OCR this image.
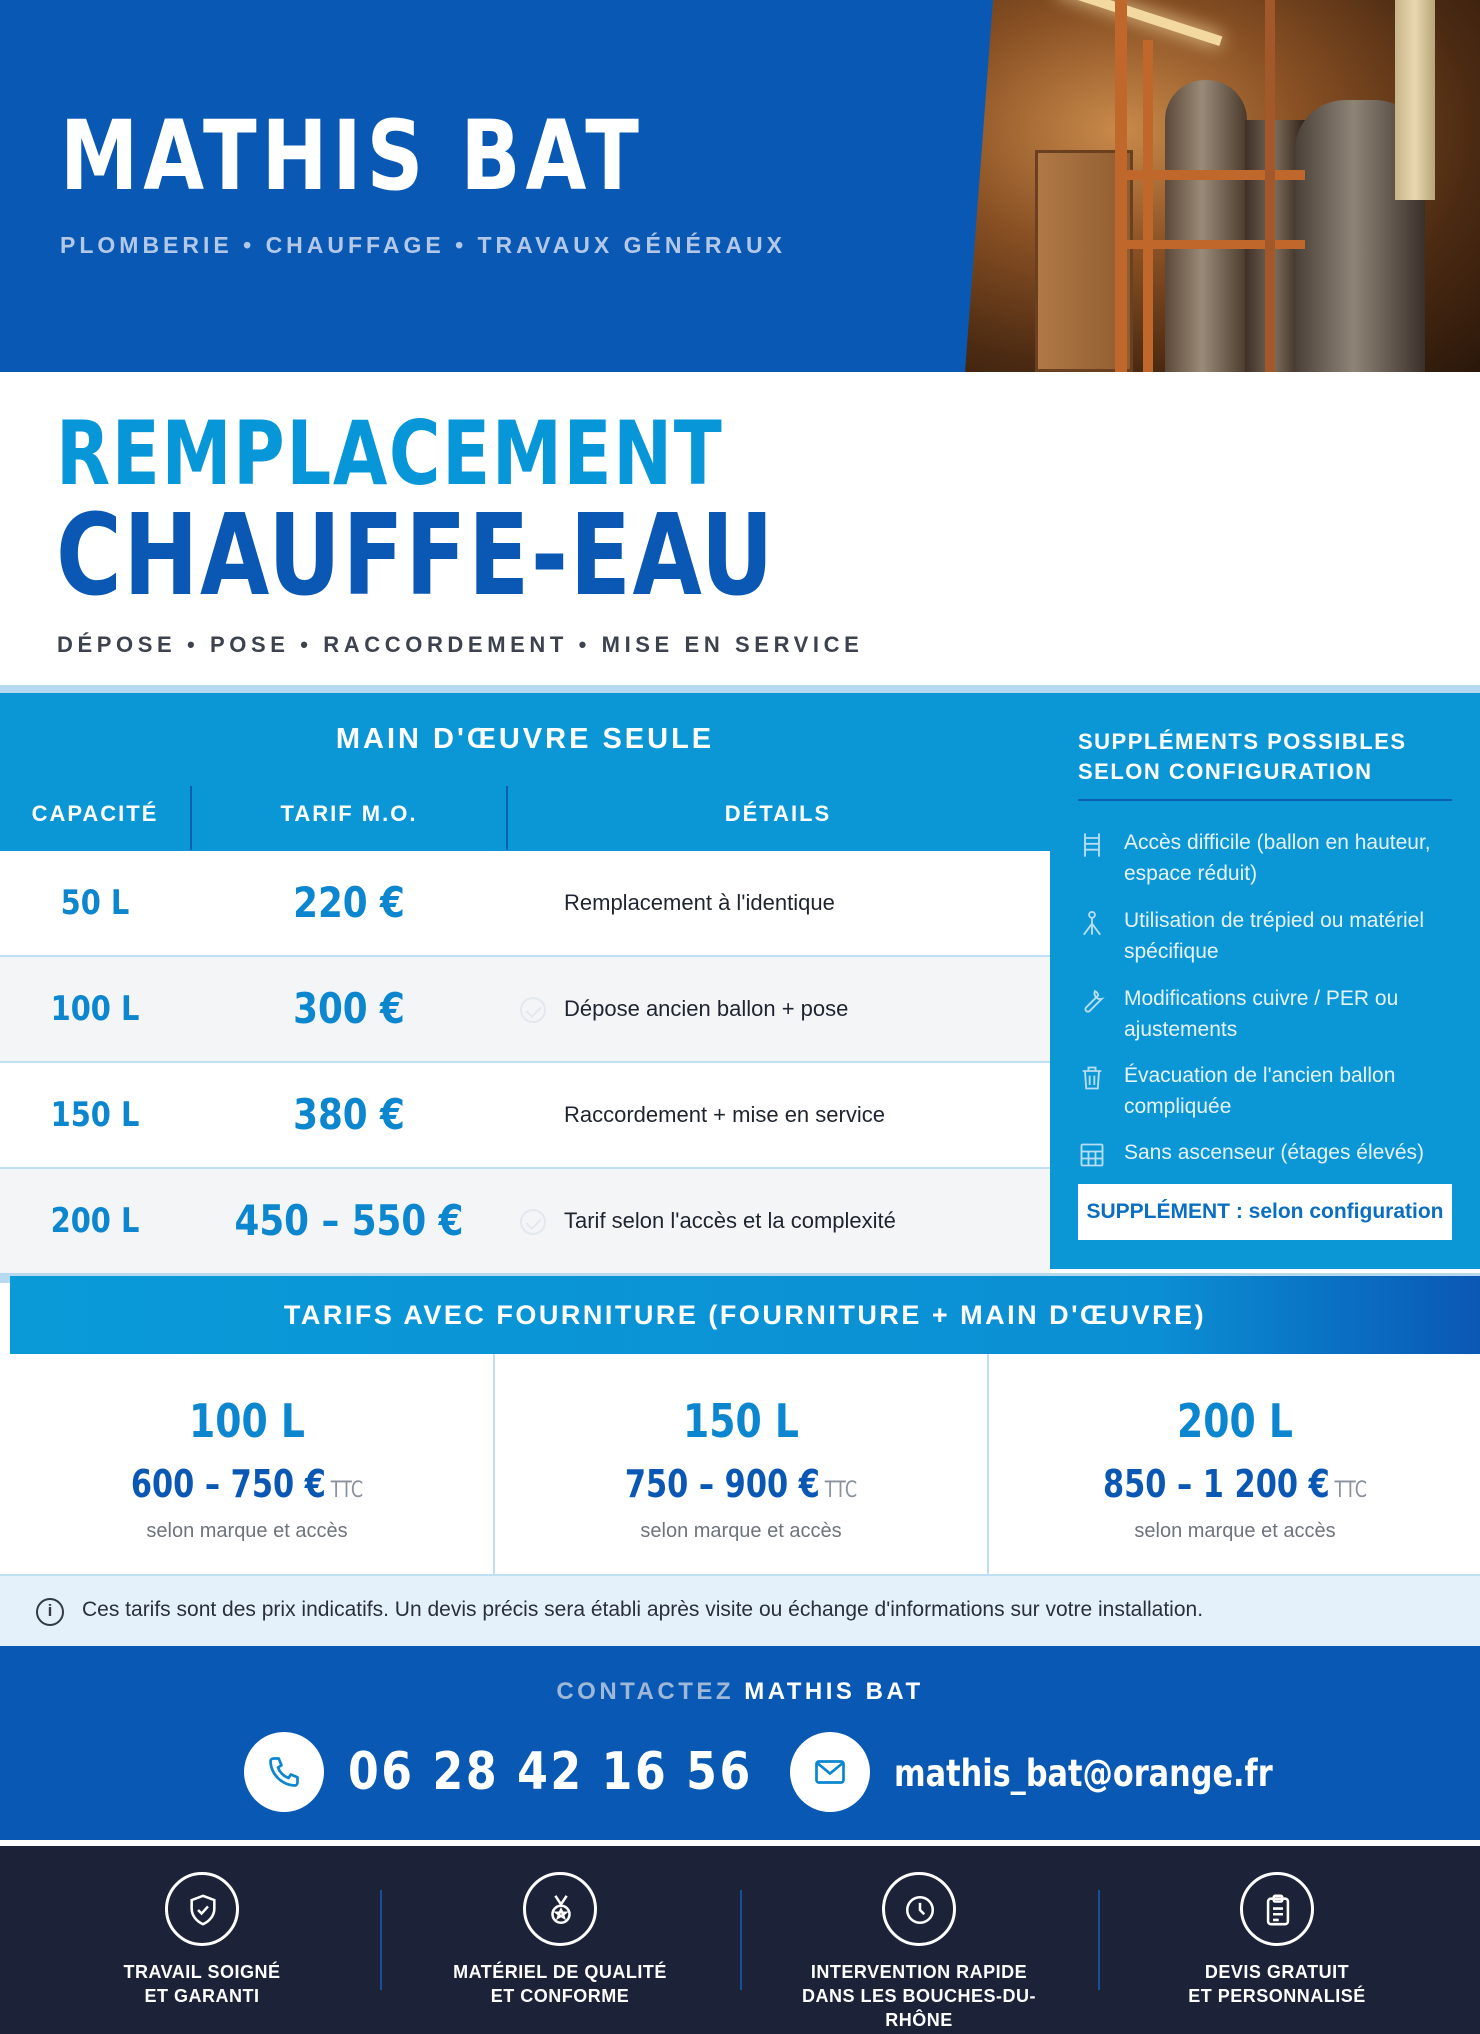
MATHIS BAT
PLOMBERIE • CHAUFFAGE • TRAVAUX GÉNÉRAUX
REMPLACEMENT
CHAUFFE-EAU
DÉPOSE • POSE • RACCORDEMENT • MISE EN SERVICE
MAIN D'ŒUVRE SEULE
CAPACITÉ	TARIF M.O.	DÉTAILS
50 L	220 €	Remplacement à l'identique
100 L	300 €	Dépose ancien ballon + pose
150 L	380 €	Raccordement + mise en service
200 L	450 – 550 €	Tarif selon l'accès et la complexité
SUPPLÉMENTS POSSIBLES SELON CONFIGURATION
Accès difficile (ballon en hauteur, espace réduit)
Utilisation de trépied ou matériel spécifique
Modifications cuivre / PER ou ajustements
Évacuation de l'ancien ballon compliquée
Sans ascenseur (étages élevés)
SUPPLÉMENT : selon configuration
TARIFS AVEC FOURNITURE (FOURNITURE + MAIN D'ŒUVRE)
100 L
600 – 750 € TTC
selon marque et accès
150 L
750 – 900 € TTC
selon marque et accès
200 L
850 – 1 200 € TTC
selon marque et accès
i	Ces tarifs sont des prix indicatifs. Un devis précis sera établi après visite ou échange d'informations sur votre installation.
CONTACTEZ MATHIS BAT
06 28 42 16 56	mathis_bat@orange.fr
TRAVAIL SOIGNÉ
ET GARANTI
MATÉRIEL DE QUALITÉ
ET CONFORME
INTERVENTION RAPIDE
DANS LES BOUCHES-DU-RHÔNE
DEVIS GRATUIT
ET PERSONNALISÉ
